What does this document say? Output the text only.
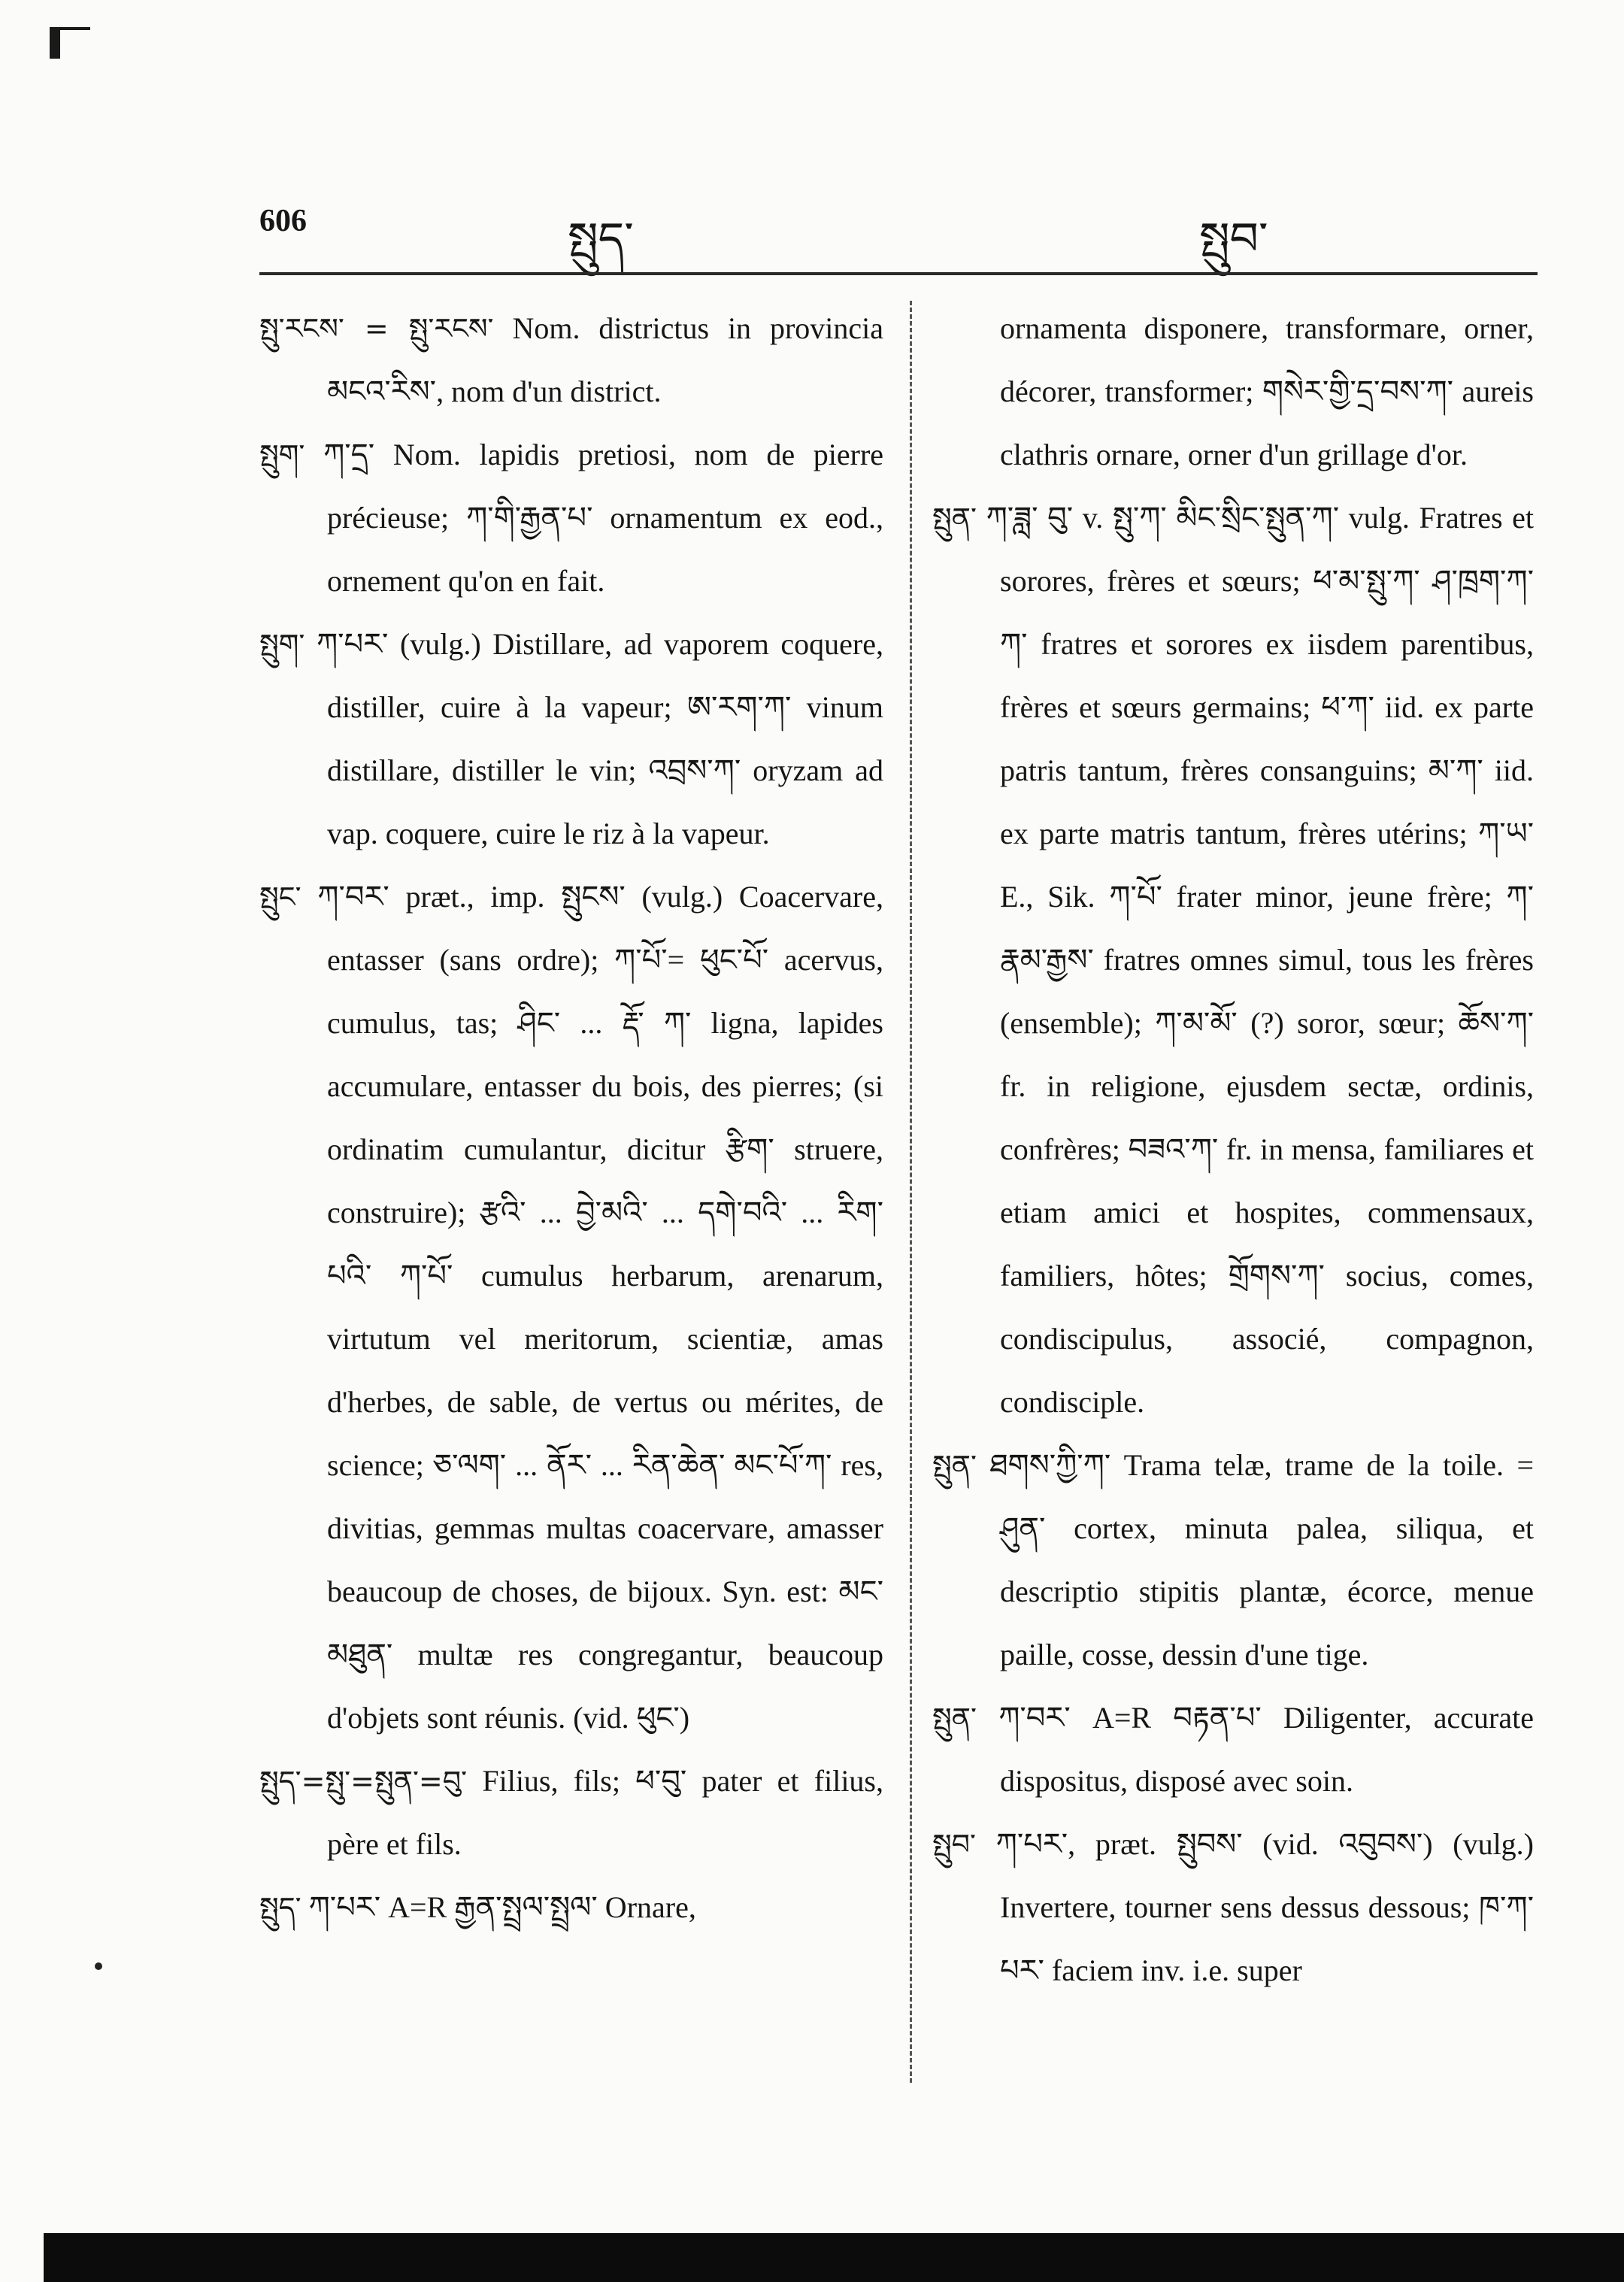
606	སྤུད་	སྤུབ་

སྤུ་རངས་ = སྤུ་རངས་ Nom. districtus in provincia མངའ་རིས་, nom d'un district.

སྤུག་ ཀ་དྲ་ Nom. lapidis pretiosi, nom de pierre précieuse; ཀ་གི་རྒྱན་པ་ ornamentum ex eod., ornement qu'on en fait.

སྤུག་ ཀ་པར་ (vulg.) Distillare, ad vaporem coquere, distiller, cuire à la vapeur; ཨ་རག་ཀ་ vinum distillare, distiller le vin; འབྲས་ཀ་ oryzam ad vap. coquere, cuire le riz à la vapeur.

སྤུང་ ཀ་བར་ præt., imp. སྤུངས་ (vulg.) Coacervare, entasser (sans ordre); ཀ་པོ་= ཕུང་པོ་ acervus, cumulus, tas; ཤིང་ ... རྡོ་ ཀ་ ligna, lapides accumulare, entasser du bois, des pierres; (si ordinatim cumulantur, dicitur རྩིག་ struere, construire); རྩའི་ ... བྱེ་མའི་ ... དགེ་བའི་ ... རིག་པའི་ ཀ་པོ་ cumulus herbarum, arenarum, virtutum vel meritorum, scientiæ, amas d'herbes, de sable, de vertus ou mérites, de science; ཅ་ལག་ ... ནོར་ ... རིན་ཆེན་ མང་པོ་ཀ་ res, divitias, gemmas multas coacervare, amasser beaucoup de choses, de bijoux. Syn. est: མང་མཐུན་ multæ res congregantur, beaucoup d'objets sont réunis. (vid. ཕུང་)

སྤུད་=སྤུ་=སྤུན་=བུ་ Filius, fils; ཕ་བུ་ pater et filius, père et fils.

སྤུད་ ཀ་པར་ A=R རྒྱན་སྤྲལ་སྤྲལ་ Ornare,

ornamenta disponere, transformare, orner, décorer, transformer; གསེར་གྱི་དྲ་བས་ཀ་ aureis clathris ornare, orner d'un grillage d'or.

སྤུན་ ཀ་ཟླ་ བུ་ v. སྤུ་ཀ་ མིང་སྲིང་སྤུན་ཀ་ vulg. Fratres et sorores, frères et sœurs; ཕ་མ་སྤུ་ཀ་ ཤ་ཁྲག་ཀ་ཀ་ fratres et sorores ex iisdem parentibus, frères et sœurs germains; ཕ་ཀ་ iid. ex parte patris tantum, frères consanguins; མ་ཀ་ iid. ex parte matris tantum, frères utérins; ཀ་ཡ་ E., Sik. ཀ་པོ་ frater minor, jeune frère; ཀ་ རྣམ་རྒྱས་ fratres omnes simul, tous les frères (ensemble); ཀ་མ་མོ་ (?) soror, sœur; ཆོས་ཀ་ fr. in religione, ejusdem sectæ, ordinis, confrères; བཟའ་ཀ་ fr. in mensa, familiares et etiam amici et hospites, commensaux, familiers, hôtes; གྲོགས་ཀ་ socius, comes, condiscipulus, associé, compagnon, condisciple.

སྤུན་ ཐགས་ཀྱི་ཀ་ Trama telæ, trame de la toile. = ཤུན་ cortex, minuta palea, siliqua, et descriptio stipitis plantæ, écorce, menue paille, cosse, dessin d'une tige.

སྤུན་ ཀ་བར་ A=R བརྟན་པ་ Diligenter, accurate dispositus, disposé avec soin.

སྤུབ་ ཀ་པར་, præt. སྤུབས་ (vid. འབུབས་) (vulg.) Invertere, tourner sens dessus dessous; ཁ་ཀ་པར་ faciem inv. i.e. super
